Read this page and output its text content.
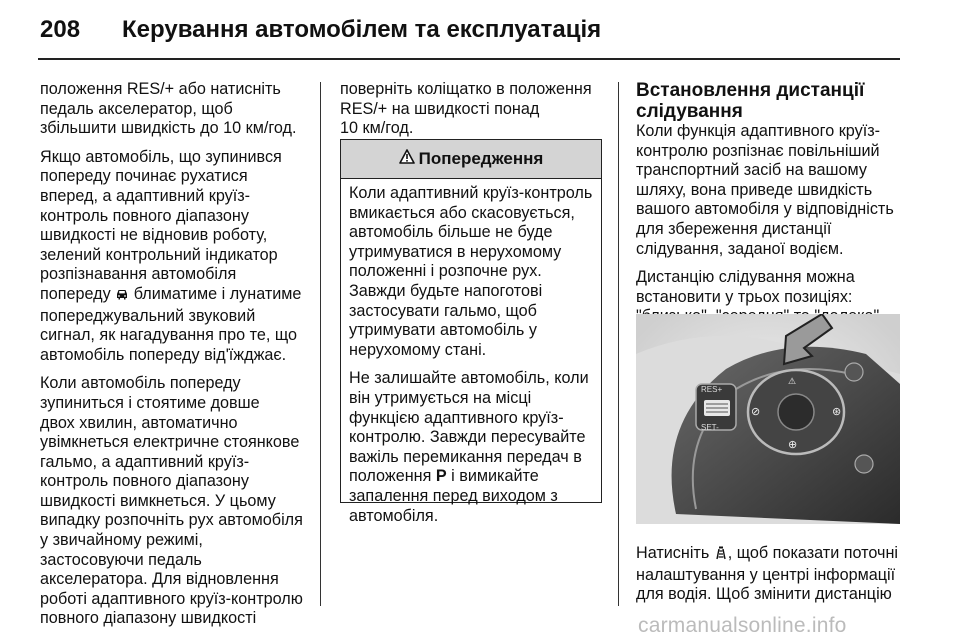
208	Керування автомобілем та експлуатація

положення RES/+ або натисніть
педаль акселератор, щоб
збільшити швидкість до 10 км/год.

Якщо автомобіль, що зупинився
попереду починає рухатися
вперед, а адаптивний круїз-
контроль повного діапазону
швидкості не відновив роботу,
зелений контрольний індикатор
розпізнавання автомобіля
попереду  блиматиме і лунатиме
попереджувальний звуковий
сигнал, як нагадування про те, що
автомобіль попереду від'їжджає.

Коли автомобіль попереду
зупиниться і стоятиме довше
двох хвилин, автоматично
увімкнеться електричне стоянкове
гальмо, а адаптивний круїз-
контроль повного діапазону
швидкості вимкнеться. У цьому
випадку розпочніть рух автомобіля
у звичайному режимі,
застосовуючи педаль
акселератора. Для відновлення
роботі адаптивного круїз-контролю
повного діапазону швидкості

поверніть коліщатко в положення
RES/+ на швидкості понад
10 км/год.

Попередження

Коли адаптивний круїз-контроль
вмикається або скасовується,
автомобіль більше не буде
утримуватися в нерухомому
положенні і розпочне рух.
Завжди будьте напоготові
застосувати гальмо, щоб
утримувати автомобіль у
нерухомому стані.

Не залишайте автомобіль, коли
він утримується на місці
функцією адаптивного круїз-
контролю. Завжди пересувайте
важіль перемикання передач в
положення P і вимикайте
запалення перед виходом з
автомобіля.

Встановлення дистанції
слідування

Коли функція адаптивного круїз-
контролю розпізнає повільніший
транспортний засіб на вашому
шляху, вона приведе швидкість
вашого автомобіля у відповідність
для збереження дистанції
слідування, заданої водієм.

Дистанцію слідування можна
встановити у трьох позиціях:

⚠
⊘	⊛
⊕
RES+
SET-
Натисніть , щоб показати поточні
налаштування у центрі інформації
для водія. Щоб змінити дистанцію
carmanualsonline.info
